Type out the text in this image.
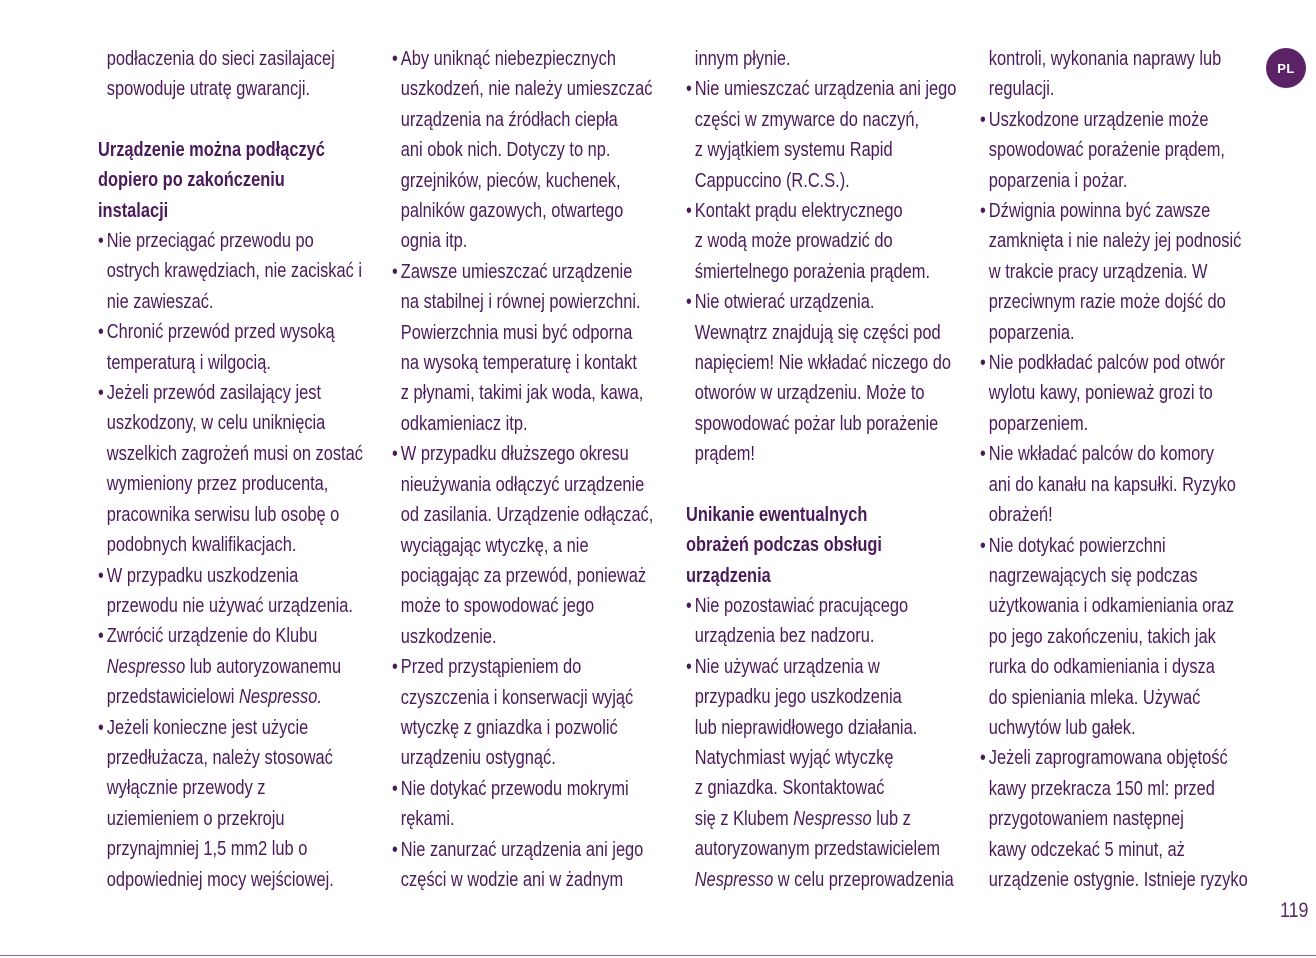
PL
podłaczenia do sieci zasilajacej
spowoduje utratę gwarancji.
Urządzenie można podłączyć
dopiero po zakończeniu
instalacji
• Nie przeciągać przewodu po
ostrych krawędziach, nie zaciskać i
nie zawieszać.
• Chronić przewód przed wysoką
temperaturą i wilgocią.
• Jeżeli przewód zasilający jest
uszkodzony, w celu uniknięcia
wszelkich zagrożeń musi on zostać
wymieniony przez producenta,
pracownika serwisu lub osobę o
podobnych kwalifikacjach.
• W przypadku uszkodzenia
przewodu nie używać urządzenia.
• Zwrócić urządzenie do Klubu
Nespresso lub autoryzowanemu
przedstawicielowi Nespresso.
• Jeżeli konieczne jest użycie
przedłużacza, należy stosować
wyłącznie przewody z
uziemieniem o przekroju
przynajmniej 1,5 mm2 lub o
odpowiedniej mocy wejściowej.
• Aby uniknąć niebezpiecznych
uszkodzeń, nie należy umieszczać
urządzenia na źródłach ciepła
ani obok nich. Dotyczy to np.
grzejników, pieców, kuchenek,
palników gazowych, otwartego
ognia itp.
• Zawsze umieszczać urządzenie
na stabilnej i równej powierzchni.
Powierzchnia musi być odporna
na wysoką temperaturę i kontakt
z płynami, takimi jak woda, kawa,
odkamieniacz itp.
• W przypadku dłuższego okresu
nieużywania odłączyć urządzenie
od zasilania. Urządzenie odłączać,
wyciągając wtyczkę, a nie
pociągając za przewód, ponieważ
może to spowodować jego
uszkodzenie.
• Przed przystąpieniem do
czyszczenia i konserwacji wyjąć
wtyczkę z gniazdka i pozwolić
urządzeniu ostygnąć.
• Nie dotykać przewodu mokrymi
rękami.
• Nie zanurzać urządzenia ani jego
części w wodzie ani w żadnym
innym płynie.
• Nie umieszczać urządzenia ani jego
części w zmywarce do naczyń,
z wyjątkiem systemu Rapid
Cappuccino (R.C.S.).
• Kontakt prądu elektrycznego
z wodą może prowadzić do
śmiertelnego porażenia prądem.
• Nie otwierać urządzenia.
Wewnątrz znajdują się części pod
napięciem! Nie wkładać niczego do
otworów w urządzeniu. Może to
spowodować pożar lub porażenie
prądem!
Unikanie ewentualnych
obrażeń podczas obsługi
urządzenia
• Nie pozostawiać pracującego
urządzenia bez nadzoru.
• Nie używać urządzenia w
przypadku jego uszkodzenia
lub nieprawidłowego działania.
Natychmiast wyjąć wtyczkę
z gniazdka. Skontaktować
się z Klubem Nespresso lub z
autoryzowanym przedstawicielem
Nespresso w celu przeprowadzenia
kontroli, wykonania naprawy lub
regulacji.
• Uszkodzone urządzenie może
spowodować porażenie prądem,
poparzenia i pożar.
• Dźwignia powinna być zawsze
zamknięta i nie należy jej podnosić
w trakcie pracy urządzenia. W
przeciwnym razie może dojść do
poparzenia.
• Nie podkładać palców pod otwór
wylotu kawy, ponieważ grozi to
poparzeniem.
• Nie wkładać palców do komory
ani do kanału na kapsułki. Ryzyko
obrażeń!
• Nie dotykać powierzchni
nagrzewających się podczas
użytkowania i odkamieniania oraz
po jego zakończeniu, takich jak
rurka do odkamieniania i dysza
do spieniania mleka. Używać
uchwytów lub gałek.
• Jeżeli zaprogramowana objętość
kawy przekracza 150 ml: przed
przygotowaniem następnej
kawy odczekać 5 minut, aż
urządzenie ostygnie. Istnieje ryzyko
119
